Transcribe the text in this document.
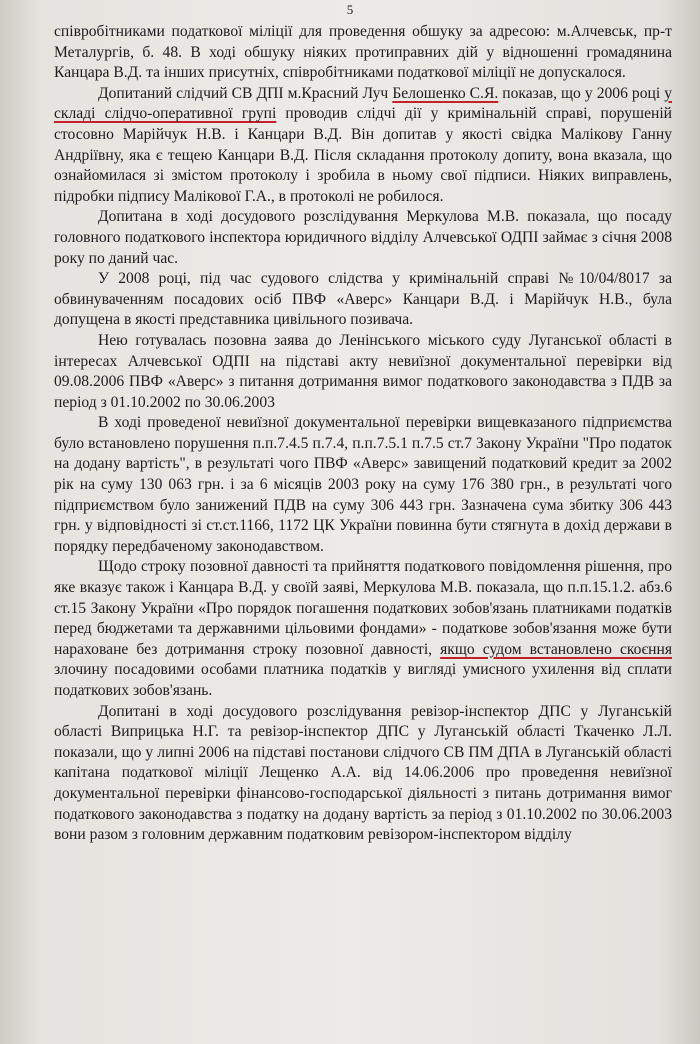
5

співробітниками податкової міліції для проведення обшуку за адресою: м.Алчевськ, пр-т Металургів, б. 48. В ході обшуку ніяких протиправних дій у відношенні громадянина Канцара В.Д. та інших присутніх, співробітниками податкової міліції не допускалося.

Допитаний слідчий СВ ДПІ м.Красний Луч Белошенко С.Я. показав, що у 2006 році у складі слідчо-оперативної групі проводив слідчі дії у кримінальній справі, порушеній стосовно Марійчук Н.В. і Канцари В.Д. Він допитав у якості свідка Малікову Ганну Андріївну, яка є тещею Канцари В.Д. Після складання протоколу допиту, вона вказала, що ознайомилася зі змістом протоколу і зробила в ньому свої підписи. Ніяких виправлень, підробки підпису Малікової Г.А., в протоколі не робилося.

Допитана в ході досудового розслідування Меркулова М.В. показала, що посаду головного податкового інспектора юридичного відділу Алчевської ОДПІ займає з січня 2008 року по даний час.

У 2008 році, під час судового слідства у кримінальній справі №10/04/8017 за обвинуваченням посадових осіб ПВФ «Аверс» Канцари В.Д. і Марійчук Н.В., була допущена в якості представника цивільного позивача.

Нею готувалась позовна заява до Ленінського міського суду Луганської області в інтересах Алчевської ОДПІ на підставі акту невиїзної документальної перевірки від 09.08.2006 ПВФ «Аверс» з питання дотримання вимог податкового законодавства з ПДВ за період з 01.10.2002 по 30.06.2003

В ході проведеної невиїзної документальної перевірки вищевказаного підприємства було встановлено порушення п.п.7.4.5 п.7.4, п.п.7.5.1 п.7.5 ст.7 Закону України "Про податок на додану вартість", в результаті чого ПВФ «Аверс» завищений податковий кредит за 2002 рік на суму 130 063 грн. і за 6 місяців 2003 року на суму 176 380 грн., в результаті чого підприємством було занижений ПДВ на суму 306 443 грн. Зазначена сума збитку 306 443 грн. у відповідності зі ст.ст.1166, 1172 ЦК України повинна бути стягнута в дохід держави в порядку передбаченому законодавством.

Щодо строку позовної давності та прийняття податкового повідомлення рішення, про яке вказує також і Канцара В.Д. у своїй заяві, Меркулова М.В. показала, що п.п.15.1.2. абз.6 ст.15 Закону України «Про порядок погашення податкових зобов'язань платниками податків перед бюджетами та державними цільовими фондами» - податкове зобов'язання може бути нараховане без дотримання строку позовної давності, якщо судом встановлено скоєння злочину посадовими особами платника податків у вигляді умисного ухилення від сплати податкових зобов'язань.

Допитані в ході досудового розслідування ревізор-інспектор ДПС у Луганській області Виприцька Н.Г. та ревізор-інспектор ДПС у Луганській області Ткаченко Л.Л. показали, що у липні 2006 на підставі постанови слідчого СВ ПМ ДПА в Луганській області капітана податкової міліції Лещенко А.А. від 14.06.2006 про проведення невиїзної документальної перевірки фінансово-господарської діяльності з питань дотримання вимог податкового законодавства з податку на додану вартість за період з 01.10.2002 по 30.06.2003 вони разом з головним державним податковим ревізором-інспектором відділу
